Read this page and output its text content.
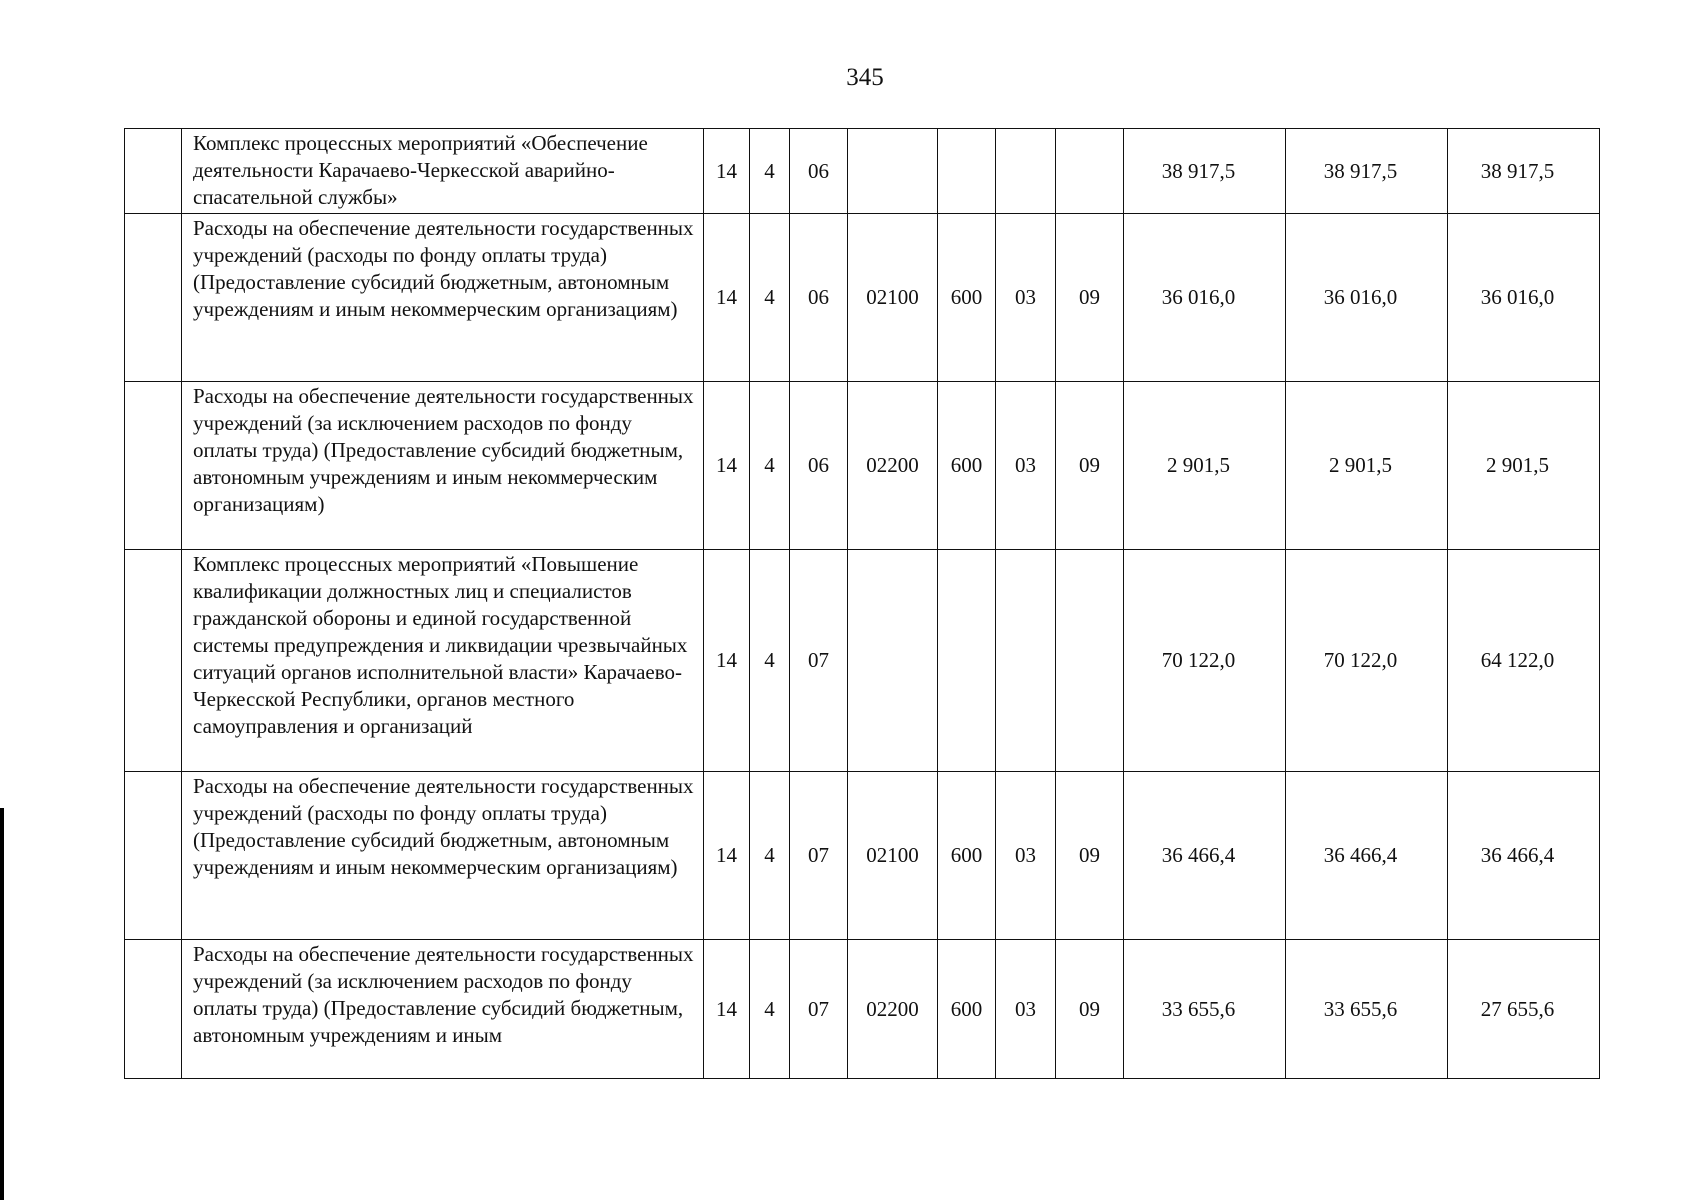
345
	Комплекс процессных мероприятий «Обеспечение деятельности Карачаево-Черкесской аварийно-спасательной службы»	14	4	06					38 917,5	38 917,5	38 917,5
	Расходы на обеспечение деятельности государственных учреждений (расходы по фонду оплаты труда) (Предоставление субсидий бюджетным, автономным учреждениям и иным некоммерческим организациям)	14	4	06	02100	600	03	09	36 016,0	36 016,0	36 016,0
	Расходы на обеспечение деятельности государственных учреждений (за исключением расходов по фонду оплаты труда) (Предоставление субсидий бюджетным, автономным учреждениям и иным некоммерческим организациям)	14	4	06	02200	600	03	09	2 901,5	2 901,5	2 901,5
	Комплекс процессных мероприятий «Повышение квалификации должностных лиц и специалистов гражданской обороны и единой государственной системы предупреждения и ликвидации чрезвычайных ситуаций органов исполнительной власти» Карачаево-Черкесской Республики, органов местного самоуправления и организаций	14	4	07					70 122,0	70 122,0	64 122,0
	Расходы на обеспечение деятельности государственных учреждений (расходы по фонду оплаты труда) (Предоставление субсидий бюджетным, автономным учреждениям и иным некоммерческим организациям)	14	4	07	02100	600	03	09	36 466,4	36 466,4	36 466,4
	Расходы на обеспечение деятельности государственных учреждений (за исключением расходов по фонду оплаты труда) (Предоставление субсидий бюджетным, автономным учреждениям и иным	14	4	07	02200	600	03	09	33 655,6	33 655,6	27 655,6
